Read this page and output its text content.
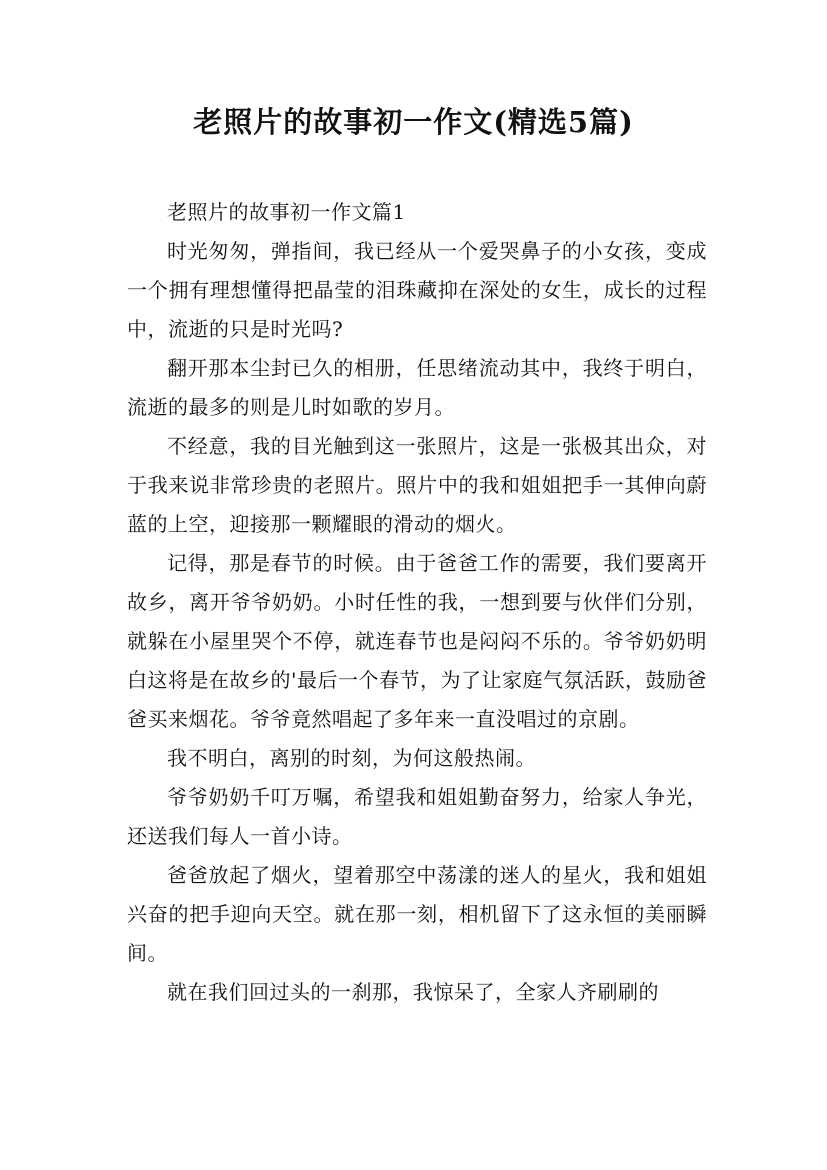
老照片的故事初一作文(精选5篇)

老照片的故事初一作文篇1

时光匆匆，弹指间，我已经从一个爱哭鼻子的小女孩，变成一个拥有理想懂得把晶莹的泪珠藏抑在深处的女生，成长的过程中，流逝的只是时光吗?

翻开那本尘封已久的相册，任思绪流动其中，我终于明白，流逝的最多的则是儿时如歌的岁月。

不经意，我的目光触到这一张照片，这是一张极其出众，对于我来说非常珍贵的老照片。照片中的我和姐姐把手一其伸向蔚蓝的上空，迎接那一颗耀眼的滑动的烟火。

记得，那是春节的时候。由于爸爸工作的需要，我们要离开故乡，离开爷爷奶奶。小时任性的我，一想到要与伙伴们分别，就躲在小屋里哭个不停，就连春节也是闷闷不乐的。爷爷奶奶明白这将是在故乡的'最后一个春节，为了让家庭气氛活跃，鼓励爸爸买来烟花。爷爷竟然唱起了多年来一直没唱过的京剧。

我不明白，离别的时刻，为何这般热闹。

爷爷奶奶千叮万嘱，希望我和姐姐勤奋努力，给家人争光，还送我们每人一首小诗。

爸爸放起了烟火，望着那空中荡漾的迷人的星火，我和姐姐兴奋的把手迎向天空。就在那一刻，相机留下了这永恒的美丽瞬间。

就在我们回过头的一刹那，我惊呆了，全家人齐刷刷的
